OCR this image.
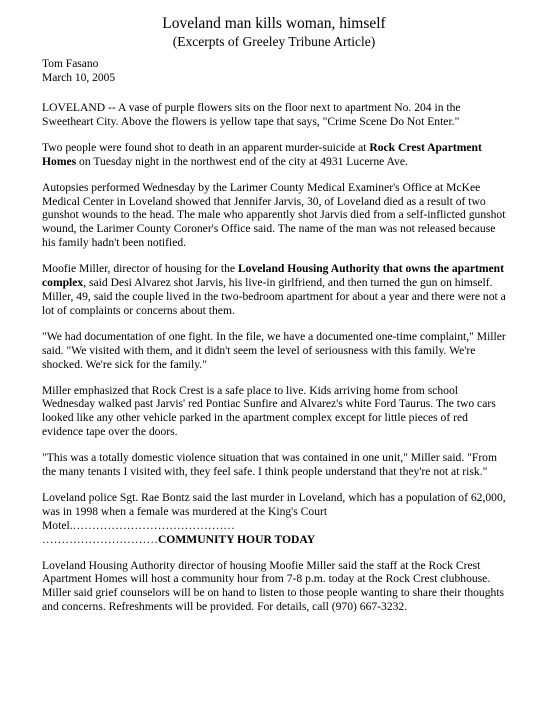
Loveland man kills woman, himself
(Excerpts of Greeley Tribune Article)
Tom Fasano
March 10, 2005

LOVELAND -- A vase of purple flowers sits on the floor next to apartment No. 204 in the Sweetheart City. Above the flowers is yellow tape that says, "Crime Scene Do Not Enter."

Two people were found shot to death in an apparent murder-suicide at Rock Crest Apartment Homes on Tuesday night in the northwest end of the city at 4931 Lucerne Ave.

Autopsies performed Wednesday by the Larimer County Medical Examiner's Office at McKee Medical Center in Loveland showed that Jennifer Jarvis, 30, of Loveland died as a result of two gunshot wounds to the head. The male who apparently shot Jarvis died from a self-inflicted gunshot wound, the Larimer County Coroner's Office said. The name of the man was not released because his family hadn't been notified.

Moofie Miller, director of housing for the Loveland Housing Authority that owns the apartment complex, said Desi Alvarez shot Jarvis, his live-in girlfriend, and then turned the gun on himself. Miller, 49, said the couple lived in the two-bedroom apartment for about a year and there were not a lot of complaints or concerns about them.

"We had documentation of one fight. In the file, we have a documented one-time complaint," Miller said. "We visited with them, and it didn't seem the level of seriousness with this family. We're shocked. We're sick for the family."

Miller emphasized that Rock Crest is a safe place to live. Kids arriving home from school Wednesday walked past Jarvis' red Pontiac Sunfire and Alvarez's white Ford Taurus. The two cars looked like any other vehicle parked in the apartment complex except for little pieces of red evidence tape over the doors.

"This was a totally domestic violence situation that was contained in one unit," Miller said. "From the many tenants I visited with, they feel safe. I think people understand that they're not at risk."

Loveland police Sgt. Rae Bontz said the last murder in Loveland, which has a population of 62,000, was in 1998 when a female was murdered at the King's Court Motel.……………………………………

…………………………COMMUNITY HOUR TODAY

Loveland Housing Authority director of housing Moofie Miller said the staff at the Rock Crest Apartment Homes will host a community hour from 7-8 p.m. today at the Rock Crest clubhouse. Miller said grief counselors will be on hand to listen to those people wanting to share their thoughts and concerns. Refreshments will be provided. For details, call (970) 667-3232.
